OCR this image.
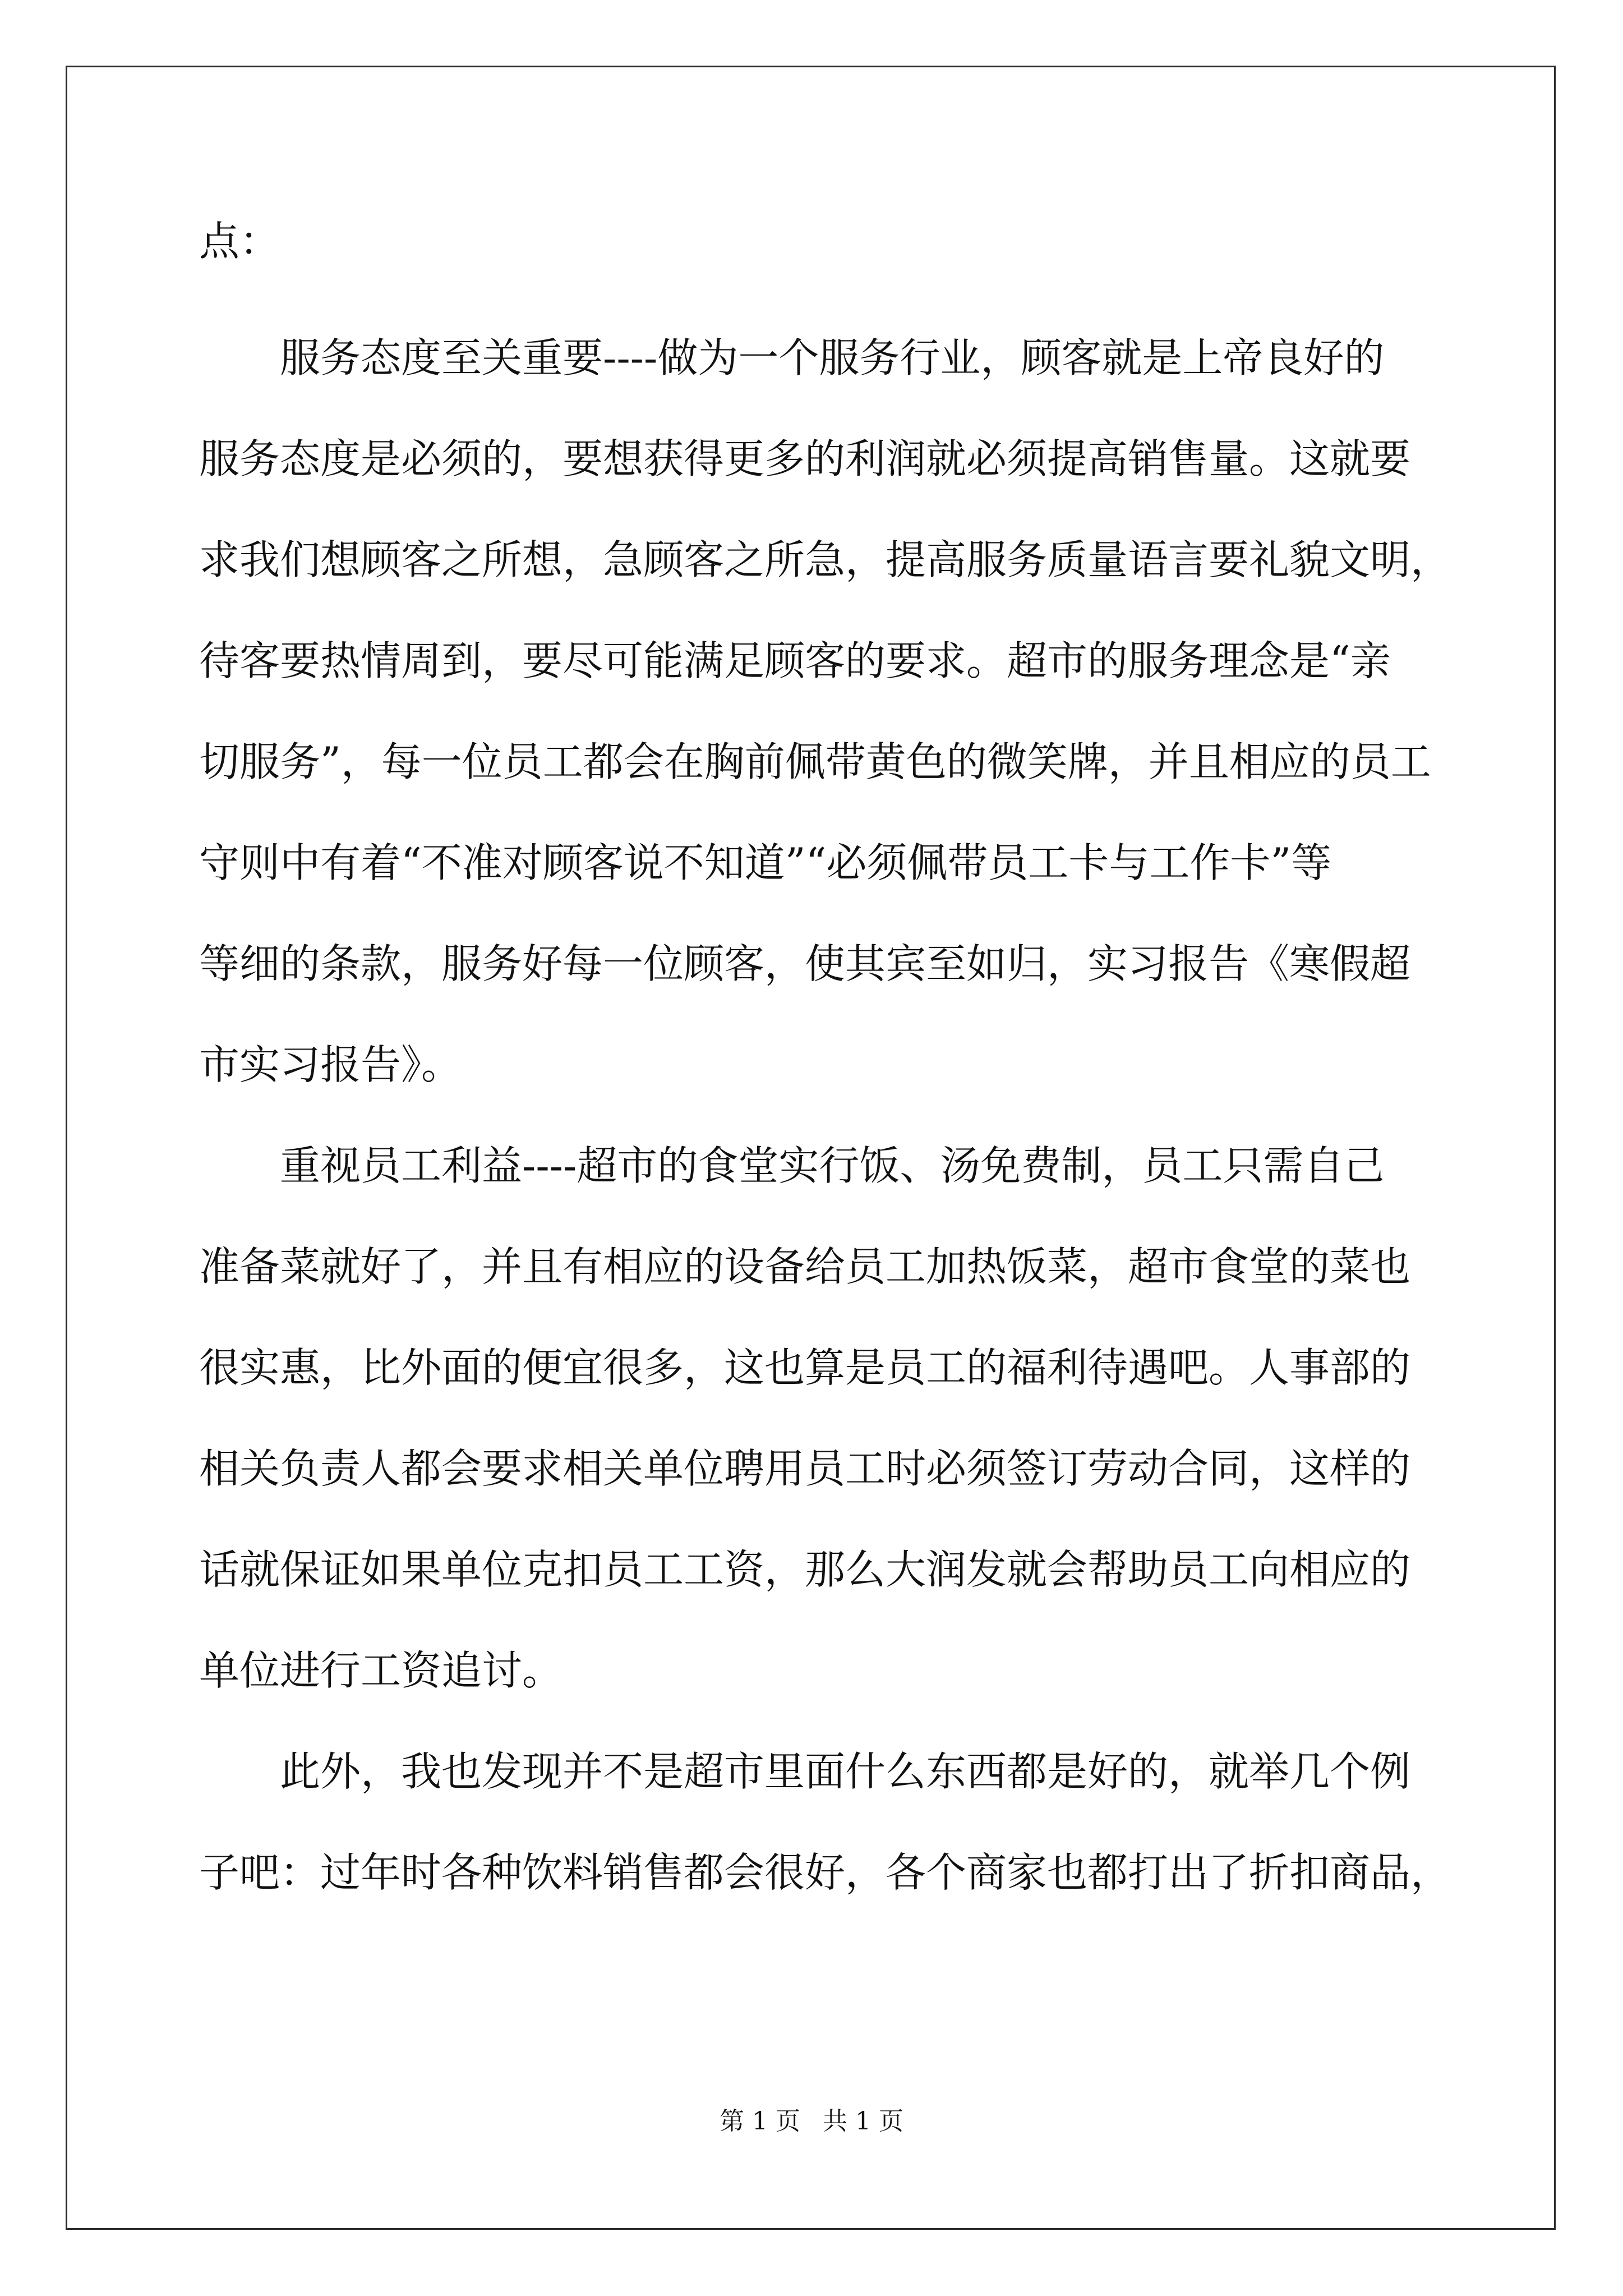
点：
服务态度至关重要----做为一个服务行业，顾客就是上帝良好的
服务态度是必须的，要想获得更多的利润就必须提高销售量。这就要
求我们想顾客之所想，急顾客之所急，提高服务质量语言要礼貌文明，
待客要热情周到，要尽可能满足顾客的要求。超市的服务理念是“亲
切服务”，每一位员工都会在胸前佩带黄色的微笑牌，并且相应的员工
守则中有着“不准对顾客说不知道”“必须佩带员工卡与工作卡”等
等细的条款，服务好每一位顾客，使其宾至如归，实习报告《寒假超
市实习报告》。
重视员工利益----超市的食堂实行饭、汤免费制，员工只需自己
准备菜就好了，并且有相应的设备给员工加热饭菜，超市食堂的菜也
很实惠，比外面的便宜很多，这也算是员工的福利待遇吧。人事部的
相关负责人都会要求相关单位聘用员工时必须签订劳动合同，这样的
话就保证如果单位克扣员工工资，那么大润发就会帮助员工向相应的
单位进行工资追讨。
此外，我也发现并不是超市里面什么东西都是好的，就举几个例
子吧：过年时各种饮料销售都会很好，各个商家也都打出了折扣商品，
第 1 页 共 1 页
